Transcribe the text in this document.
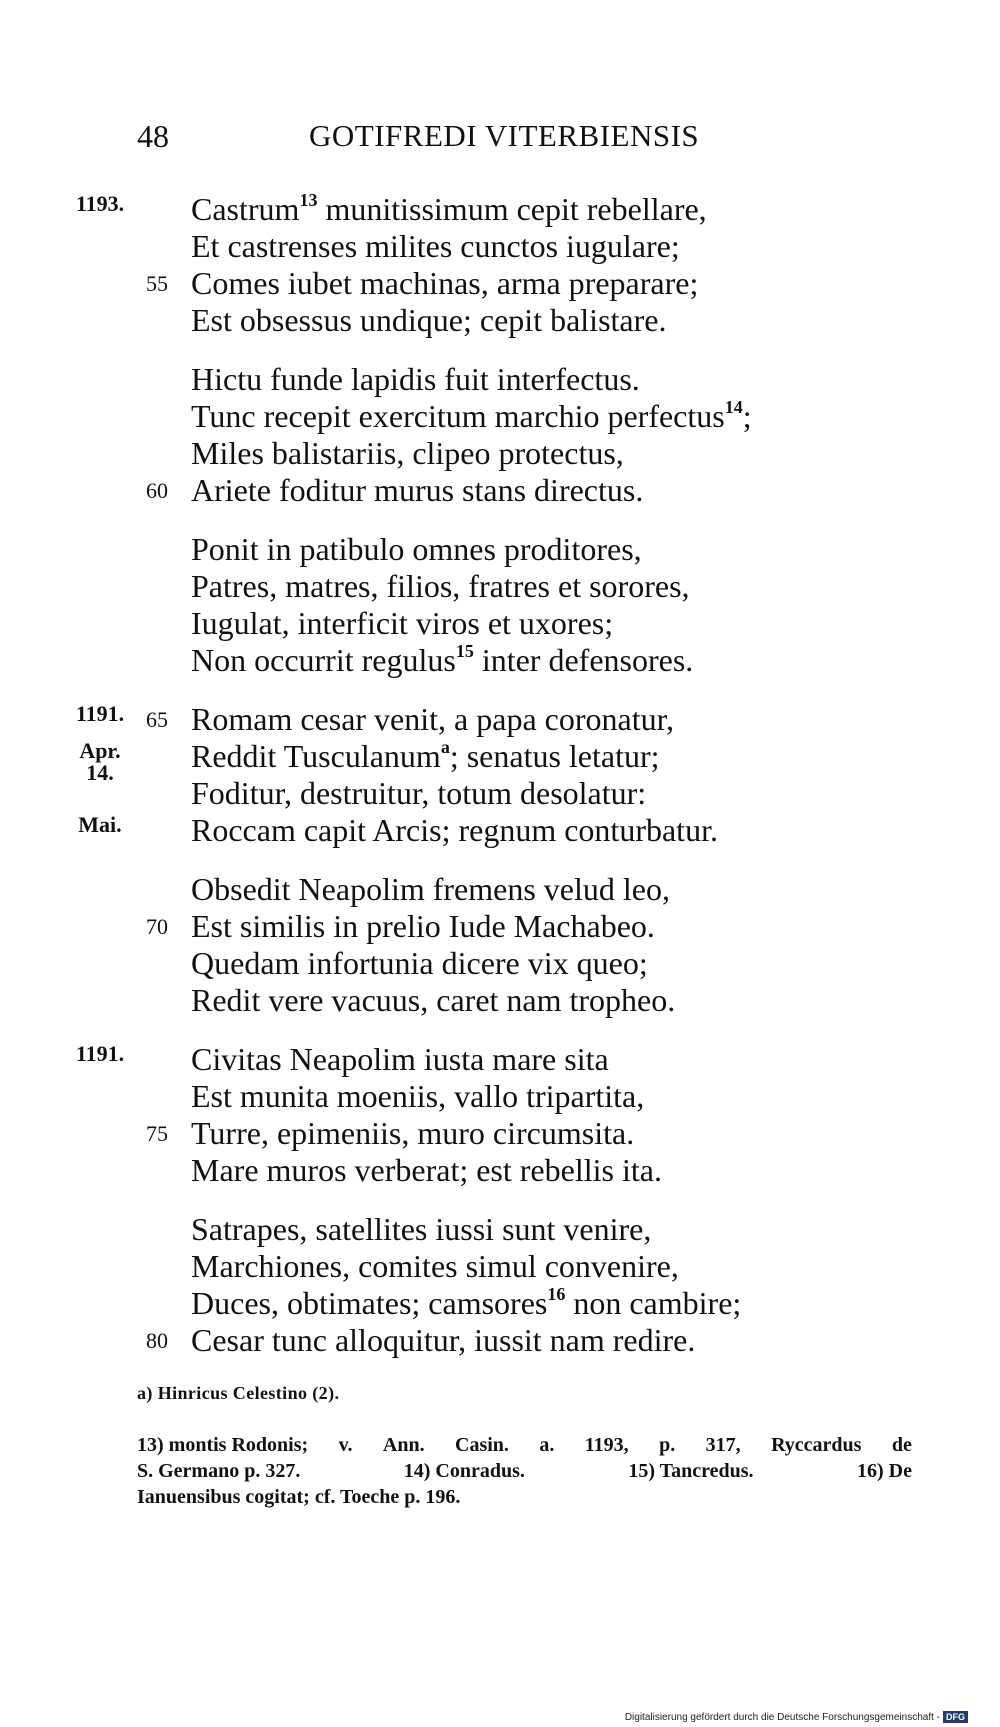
48	GOTIFREDI VITERBIENSIS
1193.	Castrum$^{13}$ munitissimum cepit rebellare,
Et castrenses milites cunctos iugulare;
55 Comes iubet machinas, arma preparare;
Est obsessus undique; cepit balistare.
Hictu funde lapidis fuit interfectus.
Tunc recepit exercitum marchio perfectus$^{14}$;
Miles balistariis, clipeo protectus,
60 Ariete foditur murus stans directus.
Ponit in patibulo omnes proditores,
Patres, matres, filios, fratres et sorores,
Iugulat, interficit viros et uxores;
Non occurrit regulus$^{15}$ inter defensores.
1191. 65 Romam cesar venit, a papa coronatur,
Apr.
14.	Reddit Tusculanum$^a$; senatus letatur;
Foditur, destruitur, totum desolatur:
Mai.	Roccam capit Arcis; regnum conturbatur.
Obsedit Neapolim fremens velud leo,
70 Est similis in prelio Iude Machabeo.
Quedam infortunia dicere vix queo;
Redit vere vacuus, caret nam tropheo.
1191.	Civitas Neapolim iusta mare sita
Est munita moeniis, vallo tripartita,
75 Turre, epimeniis, muro circumsita.
Mare muros verberat; est rebellis ita.
Satrapes, satellites iussi sunt venire,
Marchiones, comites simul convenire,
Duces, obtimates; camsores$^{16}$ non cambire;
80 Cesar tunc alloquitur, iussit nam redire.
a) Hinricus Celestino (2).
13) montis Rodonis; v. Ann. Casin. a. 1193, p. 317, Ryccardus de
S. Germano p. 327.	14) Conradus.	15) Tancredus.	16) De
Ianuensibus cogitat; cf. Toeche p. 196.
Digitalisierung gefördert durch die Deutsche Forschungsgemeinschaft - DFG
